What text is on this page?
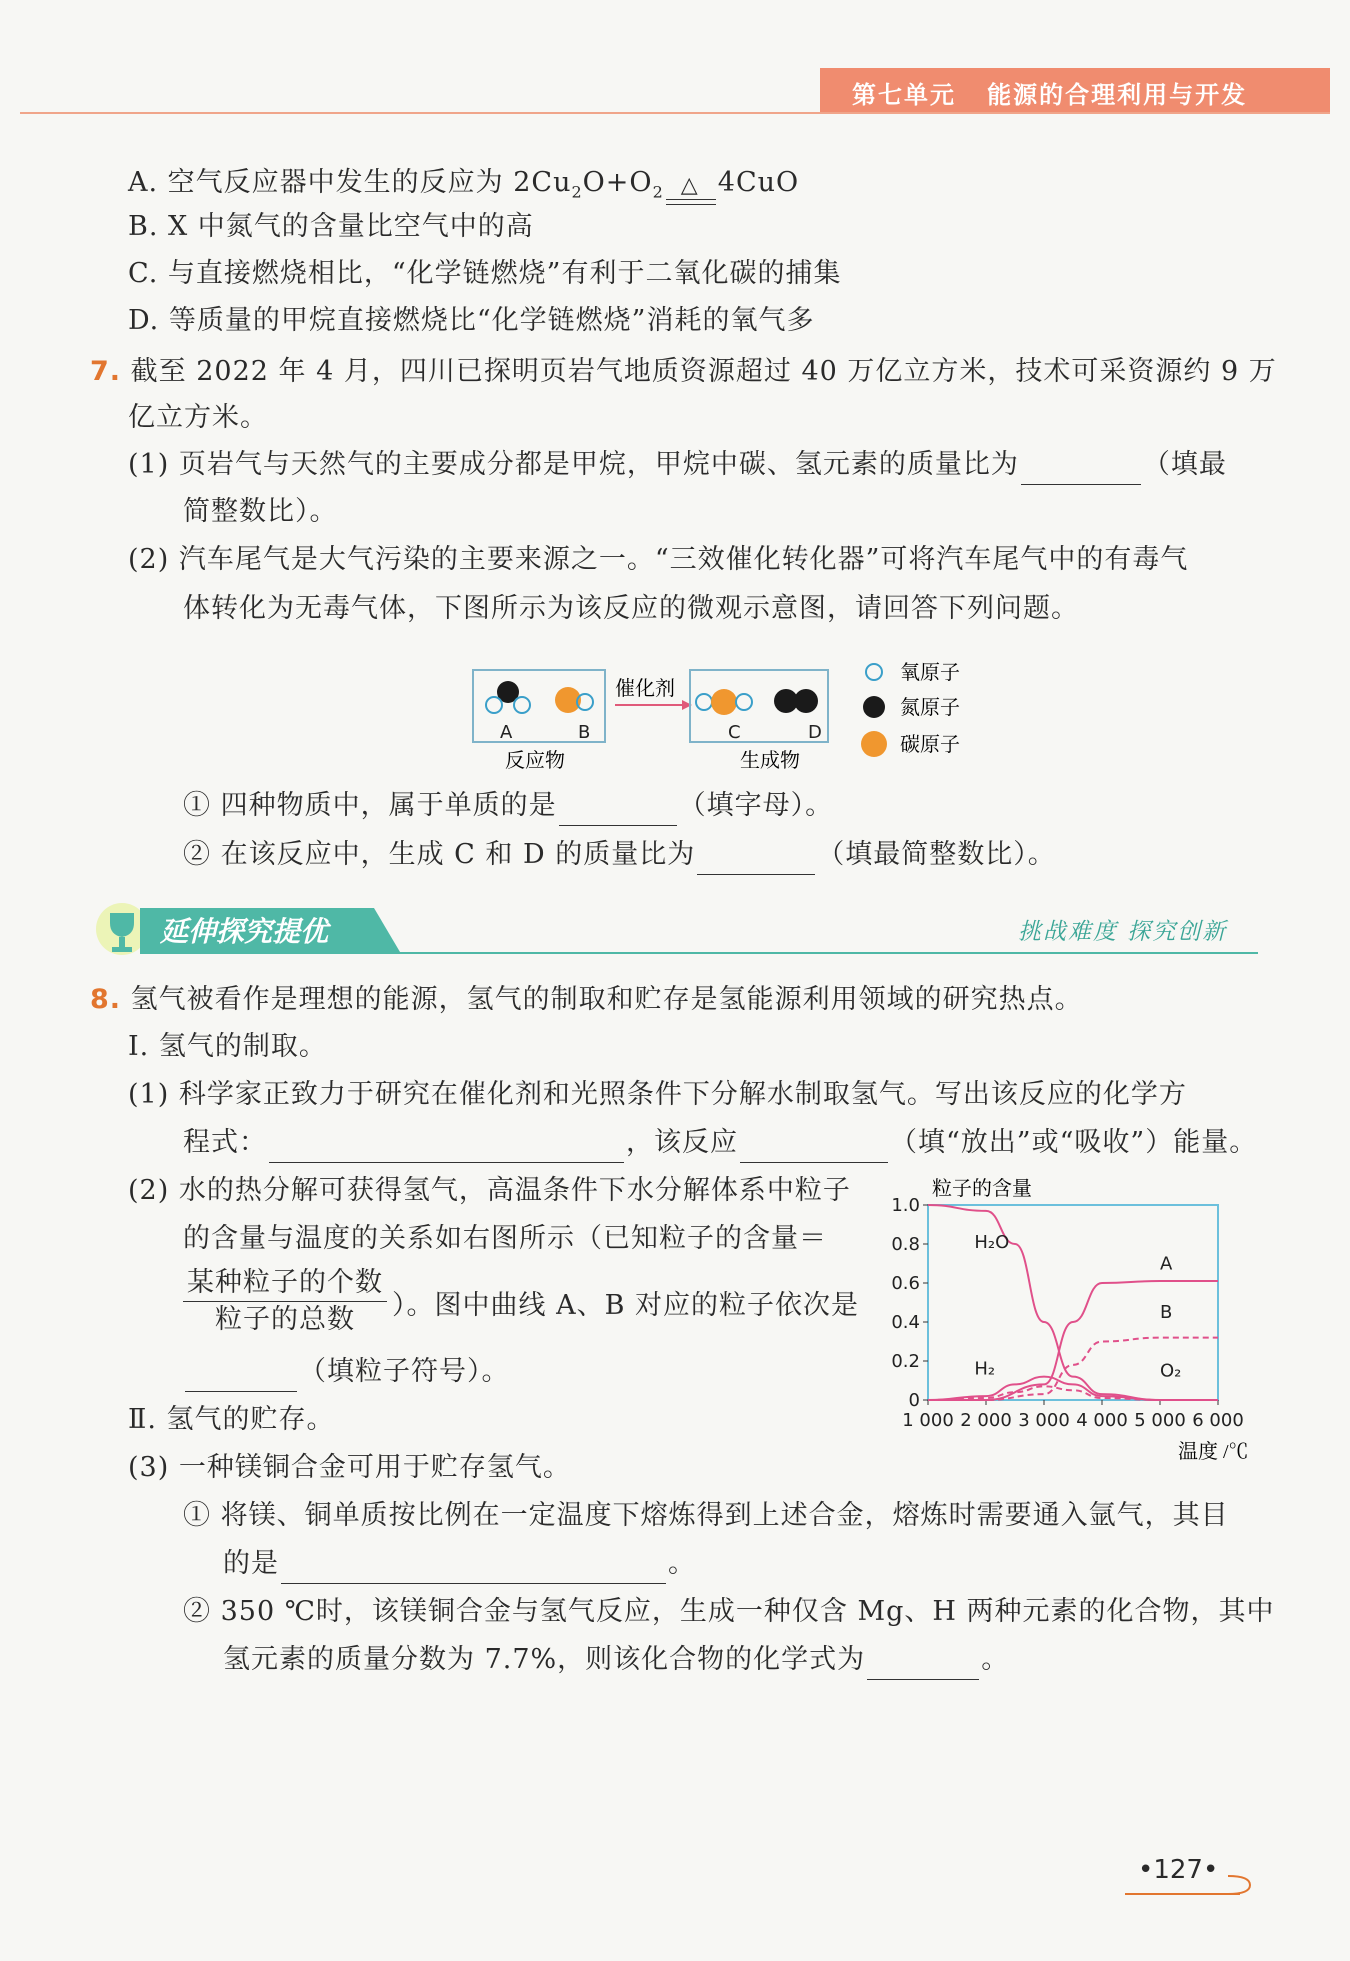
第七单元 能源的合理利用与开发
A. 空气反应器中发生的反应为 $2Cu_2O+O_2$ △ 4CuO
B. X 中氮气的含量比空气中的高
C. 与直接燃烧相比，“化学链燃烧”有利于二氧化碳的捕集
D. 等质量的甲烷直接燃烧比“化学链燃烧”消耗的氧气多
7. 截至 2022 年 4 月，四川已探明页岩气地质资源超过 40 万亿立方米，技术可采资源约 9 万
亿立方米。
(1) 页岩气与天然气的主要成分都是甲烷，甲烷中碳、氢元素的质量比为	（填最
简整数比）。
(2) 汽车尾气是大气污染的主要来源之一。“三效催化转化器”可将汽车尾气中的有毒气
体转化为无毒气体，下图所示为该反应的微观示意图，请回答下列问题。
A	B
反应物
催化剂
C	D
生成物
氧原子
氮原子
碳原子
① 四种物质中，属于单质的是	（填字母）。
② 在该反应中，生成 C 和 D 的质量比为	（填最简整数比）。
延伸探究提优	挑战难度 探究创新
8. 氢气被看作是理想的能源，氢气的制取和贮存是氢能源利用领域的研究热点。
Ⅰ. 氢气的制取。
(1) 科学家正致力于研究在催化剂和光照条件下分解水制取氢气。写出该反应的化学方
程式：	，该反应	（填“放出”或“吸收”）能量。
(2) 水的热分解可获得氢气，高温条件下水分解体系中粒子
的含量与温度的关系如右图所示（已知粒子的含量＝
某种粒子的个数
粒子的总数	）。图中曲线 A、B 对应的粒子依次是
（填粒子符号）。
粒子的含量
0
0.2
0.4
0.6
0.8
1.0
1 000 2 000 3 000 4 000 5 000 6 000
H₂O
A
B
H₂	O₂
温度 /℃
Ⅱ. 氢气的贮存。
(3) 一种镁铜合金可用于贮存氢气。
① 将镁、铜单质按比例在一定温度下熔炼得到上述合金，熔炼时需要通入氩气，其目
的是	。
② 350 ℃时，该镁铜合金与氢气反应，生成一种仅含 Mg、H 两种元素的化合物，其中
氢元素的质量分数为 7.7%，则该化合物的化学式为	。
•127•
